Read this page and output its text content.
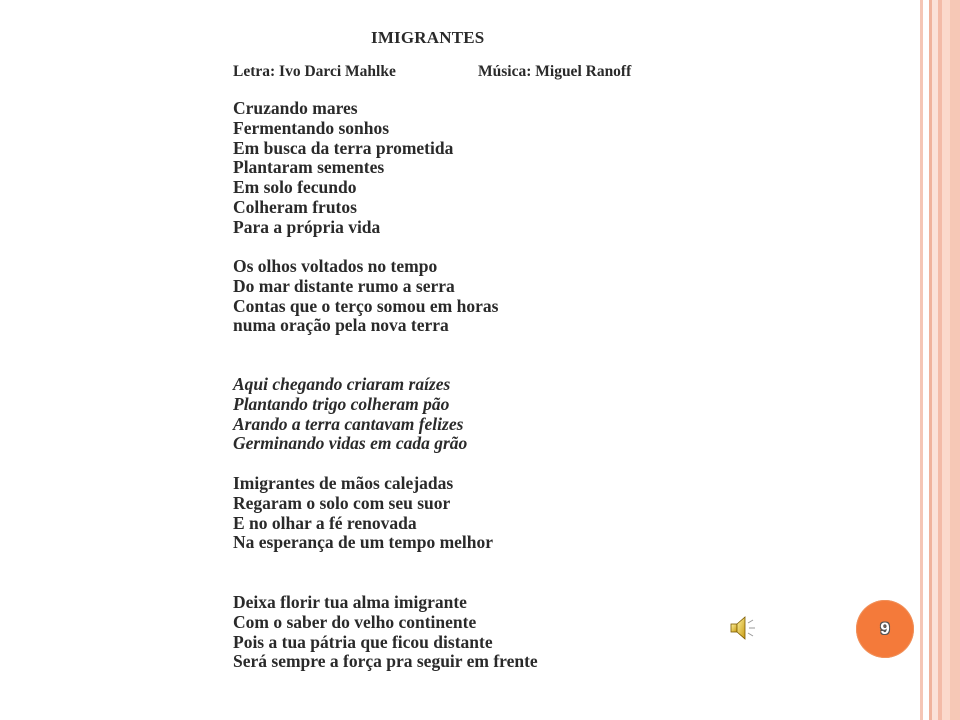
IMIGRANTES
Letra: Ivo Darci Mahlke	Música: Miguel Ranoff
Cruzando mares
Fermentando sonhos
Em busca da terra prometida
Plantaram sementes
Em solo fecundo
Colheram frutos
Para a própria vida
Os olhos voltados no tempo
Do mar distante rumo a serra
Contas que o terço somou em horas
numa oração pela nova terra
Aqui chegando criaram raízes
Plantando trigo colheram pão
Arando a terra cantavam felizes
Germinando vidas em cada grão
Imigrantes de mãos calejadas
Regaram o solo com seu suor
E no olhar a fé renovada
Na esperança de um tempo melhor
Deixa florir tua alma imigrante
Com o saber do velho continente
Pois a tua pátria que ficou distante
Será sempre a força pra seguir em frente
9
